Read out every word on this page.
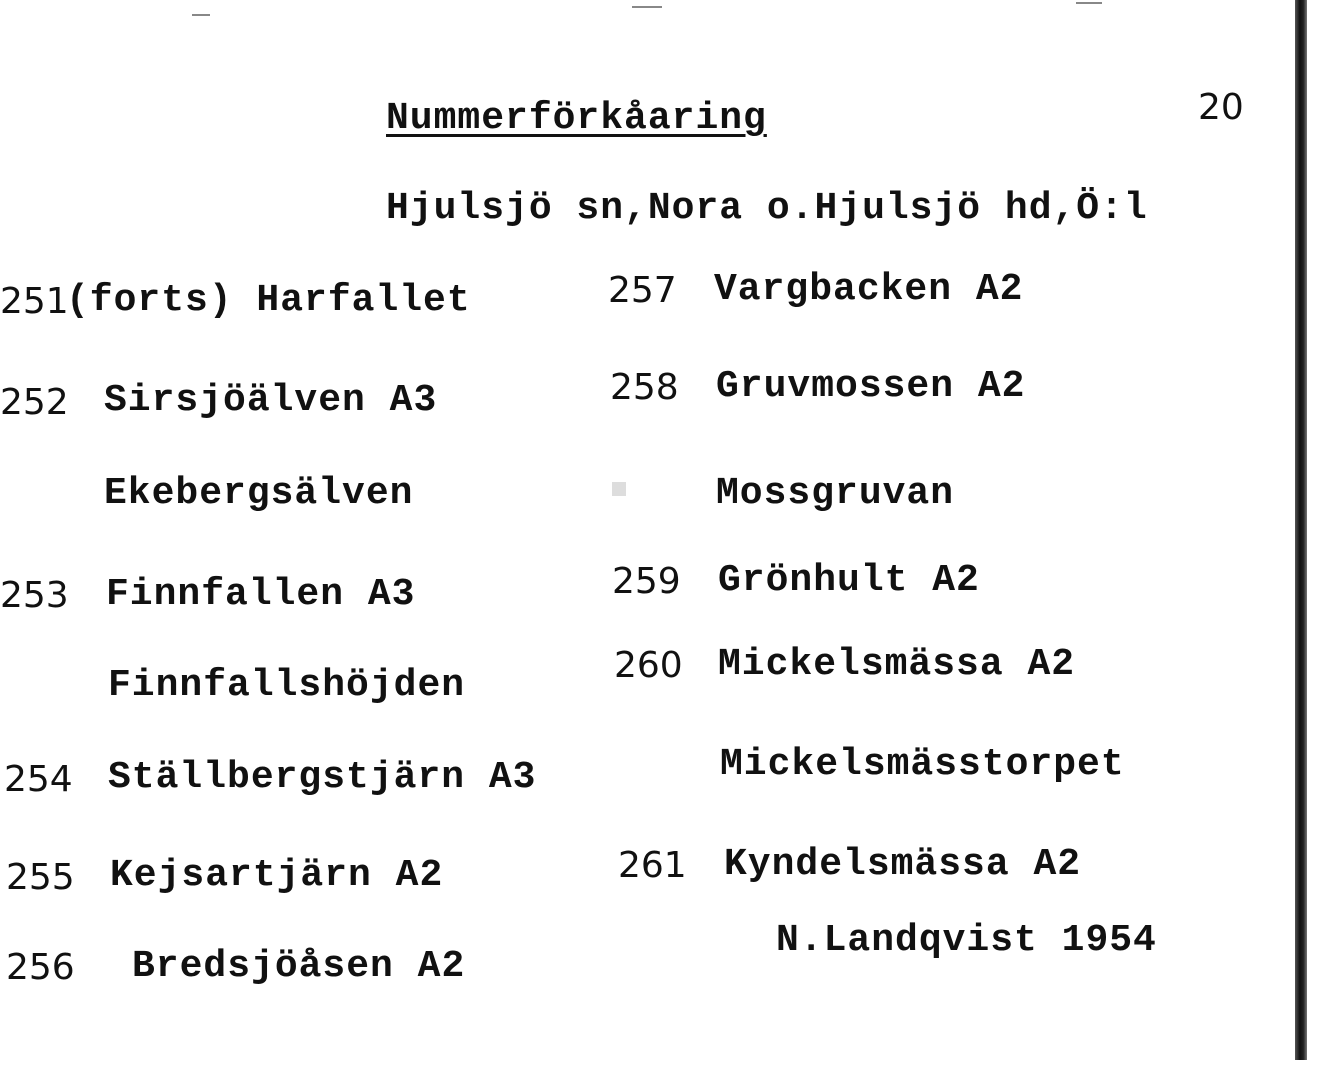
Nummerförkåaring	20
Hjulsjö sn,Nora o.Hjulsjö hd,Ö:l
251
(forts) Harfallet
252 Sirsjöälven A3
Ekebergsälven
253 Finnfallen A3
Finnfallshöjden
254 Ställbergstjärn A3
255 Kejsartjärn A2
256 Bredsjöåsen A2
257 Vargbacken A2
258 Gruvmossen A2
Mossgruvan
259 Grönhult A2
260 Mickelsmässa A2
Mickelsmässtorpet
261 Kyndelsmässa A2
N.Landqvist 1954
